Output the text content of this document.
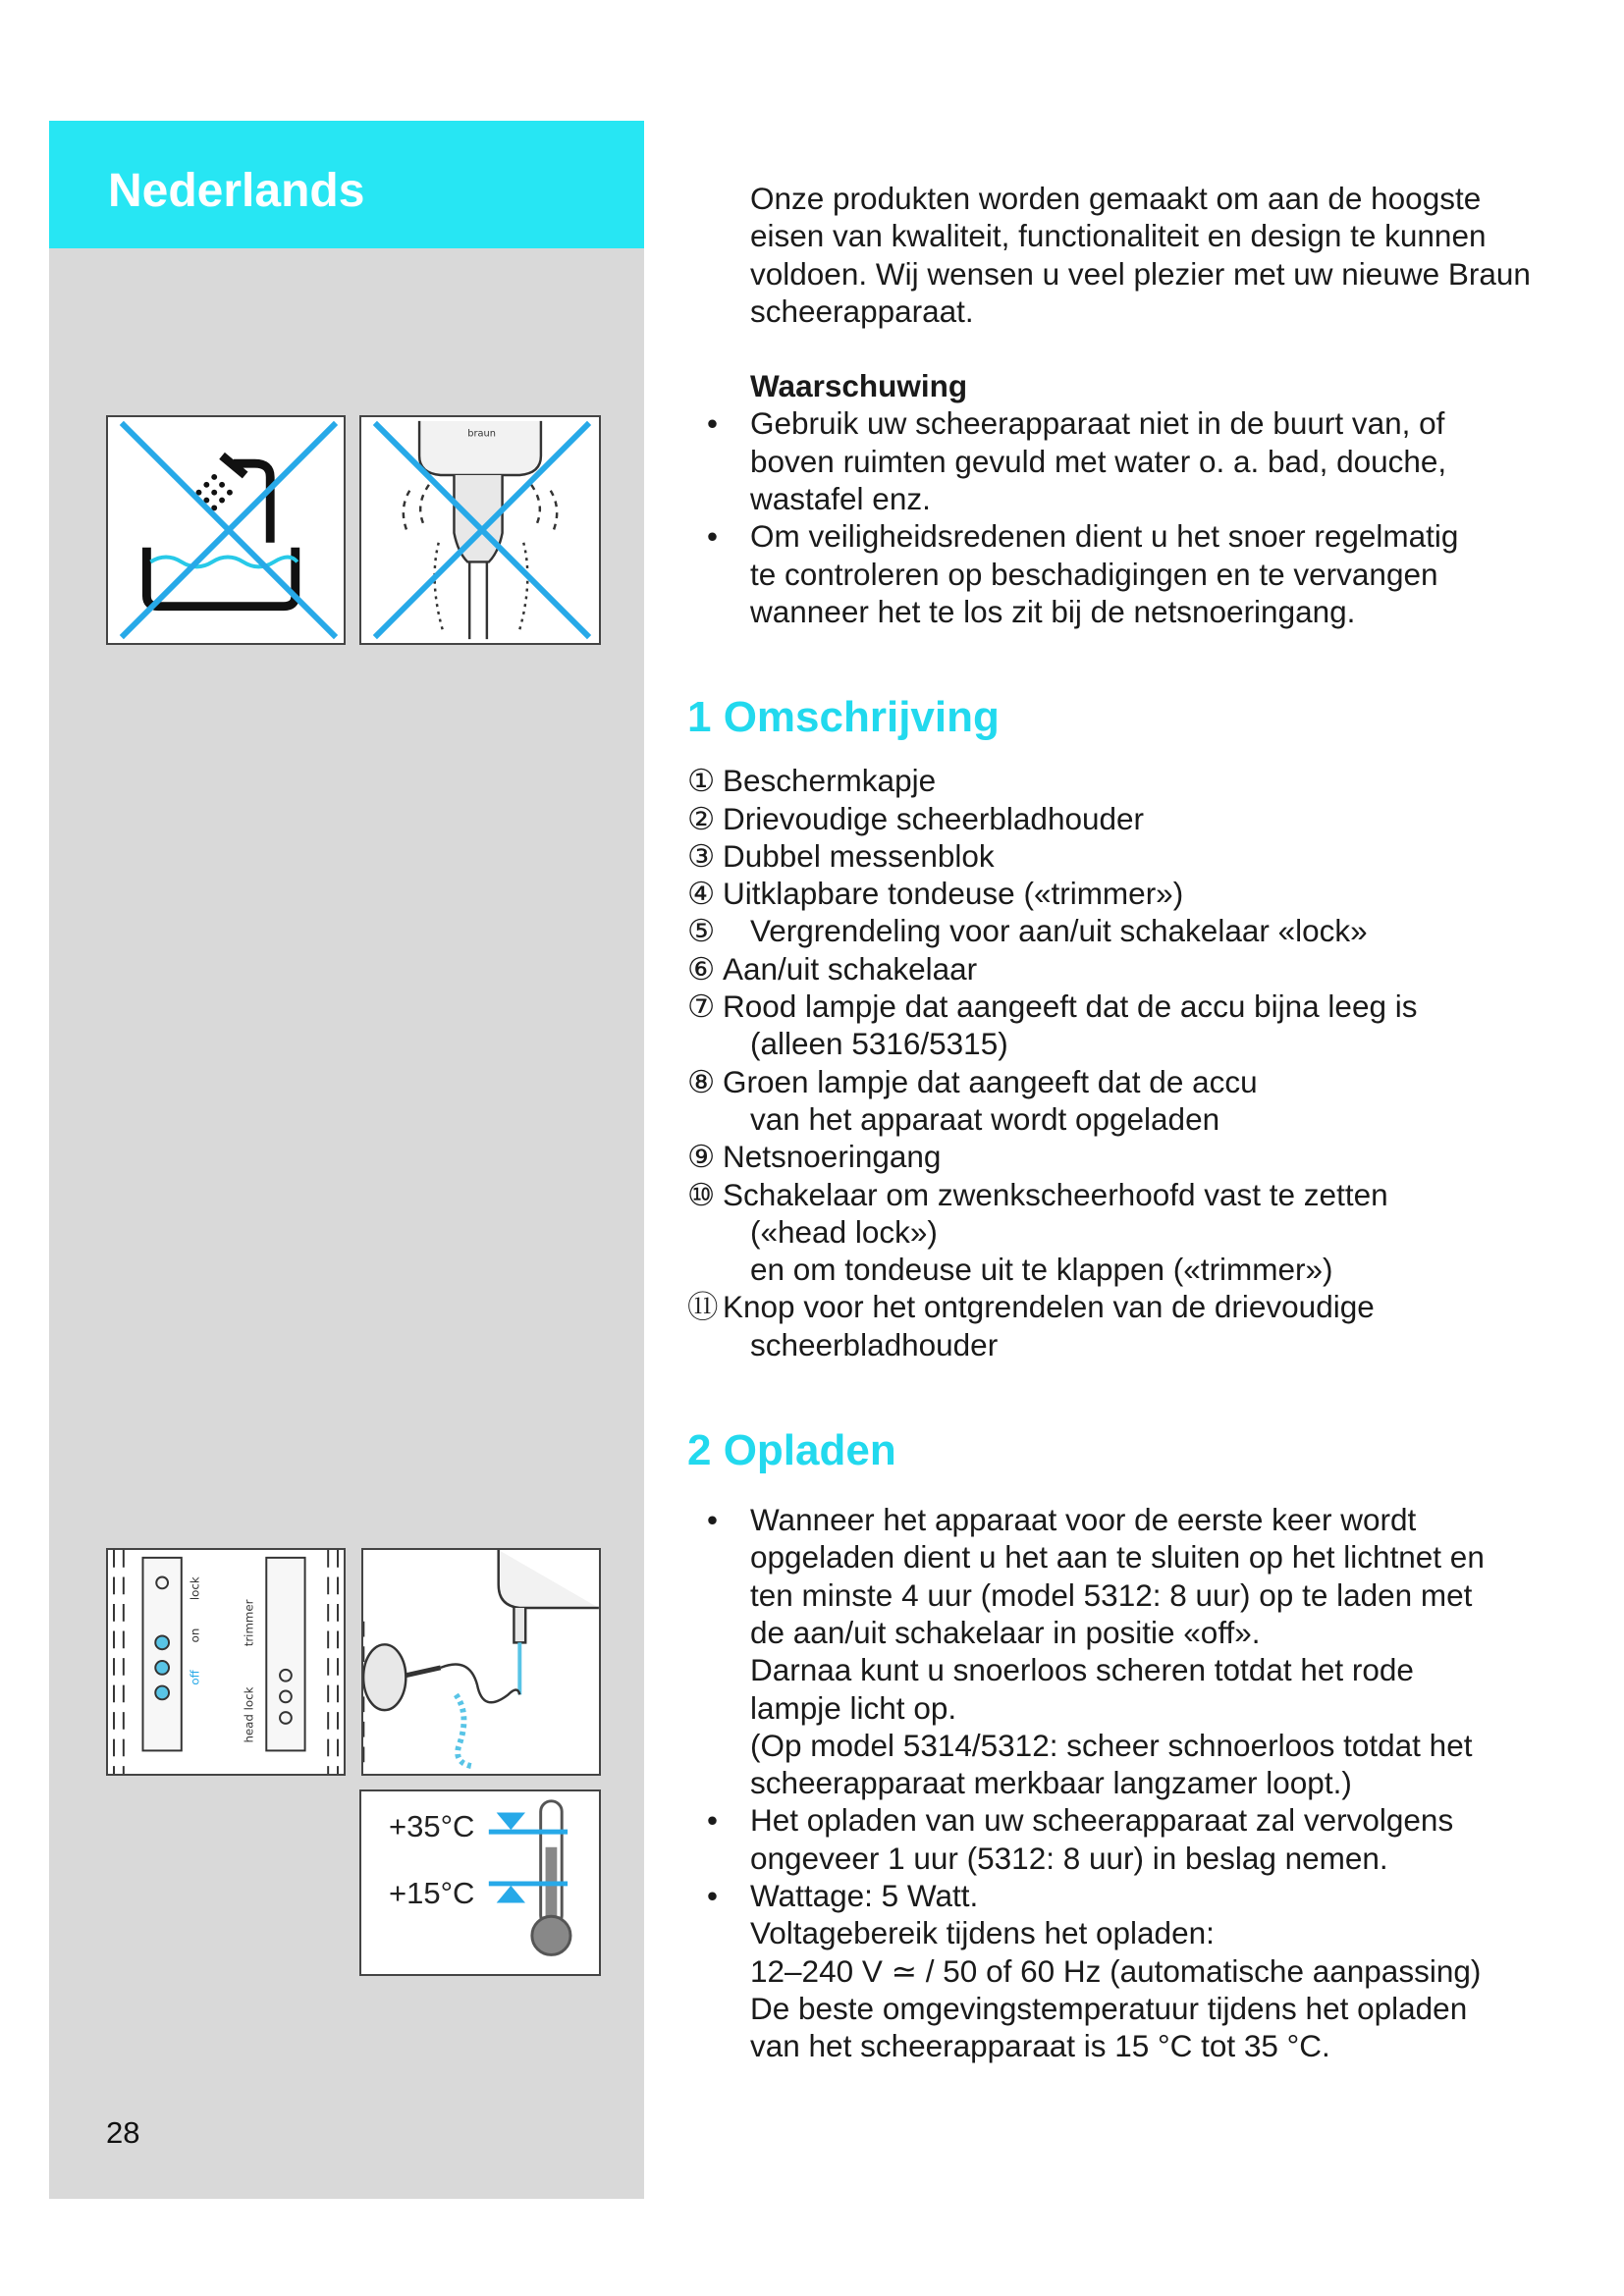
Nederlands
braun
lock
on
off
trimmer
head lock
+35°C
+15°C
28

Onze produkten worden gemaakt om aan de hoogste eisen van kwaliteit, functionaliteit en design te kunnen voldoen. Wij wensen u veel plezier met uw nieuwe Braun scheerapparaat.

Waarschuwing

• Gebruik uw scheerapparaat niet in de buurt van, of
boven ruimten gevuld met water o. a. bad, douche,
wastafel enz.
• Om veiligheidsredenen dient u het snoer regelmatig
te controleren op beschadigingen en te vervangen
wanneer het te los zit bij de netsnoeringang.
1 Omschrijving
① Beschermkapje
② Drievoudige scheerbladhouder
③ Dubbel messenblok
④ Uitklapbare tondeuse («trimmer»)
⑤ Vergrendeling voor aan/uit schakelaar «lock»
⑥ Aan/uit schakelaar
⑦ Rood lampje dat aangeeft dat de accu bijna leeg is
(alleen 5316/5315)
⑧ Groen lampje dat aangeeft dat de accu
van het apparaat wordt opgeladen
⑨ Netsnoeringang
⑩ Schakelaar om zwenkscheerhoofd vast te zetten
(«head lock»)
en om tondeuse uit te klappen («trimmer»)
⑪ Knop voor het ontgrendelen van de drievoudige
scheerbladhouder
2 Opladen
• Wanneer het apparaat voor de eerste keer wordt
opgeladen dient u het aan te sluiten op het lichtnet en
ten minste 4 uur (model 5312: 8 uur) op te laden met
de aan/uit schakelaar in positie «off».
Darnaa kunt u snoerloos scheren totdat het rode
lampje licht op.
(Op model 5314/5312: scheer schnoerloos totdat het
scheerapparaat merkbaar langzamer loopt.)
• Het opladen van uw scheerapparaat zal vervolgens
ongeveer 1 uur (5312: 8 uur) in beslag nemen.
• Wattage: 5 Watt.
Voltagebereik tijdens het opladen:
12–240 V ≃ / 50 of 60 Hz (automatische aanpassing)
De beste omgevingstemperatuur tijdens het opladen
van het scheerapparaat is 15 °C tot 35 °C.
